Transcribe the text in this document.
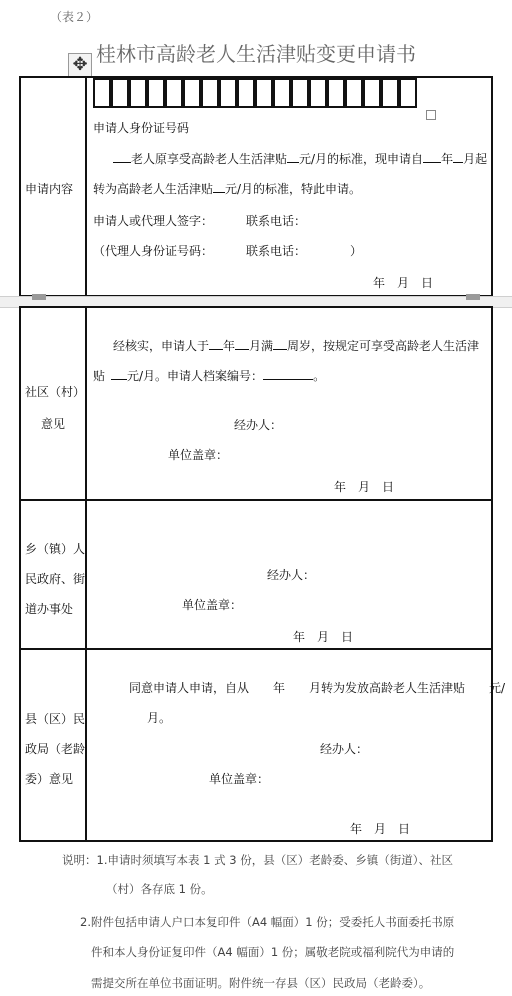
（表２）
桂林市高龄老人生活津贴变更申请书
✥
申请内容
申请人身份证号码
老人原享受高龄老人生活津贴 元/月的标准，现申请自 年 月起
转为高龄老人生活津贴 元/月的标准，特此申请。
申请人或代理人签字：	联系电话：
（代理人身份证号码：	联系电话：	）
年　月　日
社区（村）
意见
经核实，申请人于 年 月满 周岁，按规定可享受高龄老人生活津
贴 元/月。申请人档案编号：	。
经办人：
单位盖章：
年　月　日
乡（镇）人
民政府、街
道办事处
经办人：
单位盖章：
年　月　日
县（区）民
政局（老龄
委）意见
同意申请人申请，自从　　年　　月转为发放高龄老人生活津贴　　元/
月。
经办人：
单位盖章：
年　月　日
说明：1.申请时须填写本表 1 式 3 份，县（区）老龄委、乡镇（街道）、社区
（村）各存底 1 份。
2.附件包括申请人户口本复印件（A4 幅面）1 份；受委托人书面委托书原
件和本人身份证复印件（A4 幅面）1 份；属敬老院或福利院代为申请的
需提交所在单位书面证明。附件统一存县（区）民政局（老龄委）。
